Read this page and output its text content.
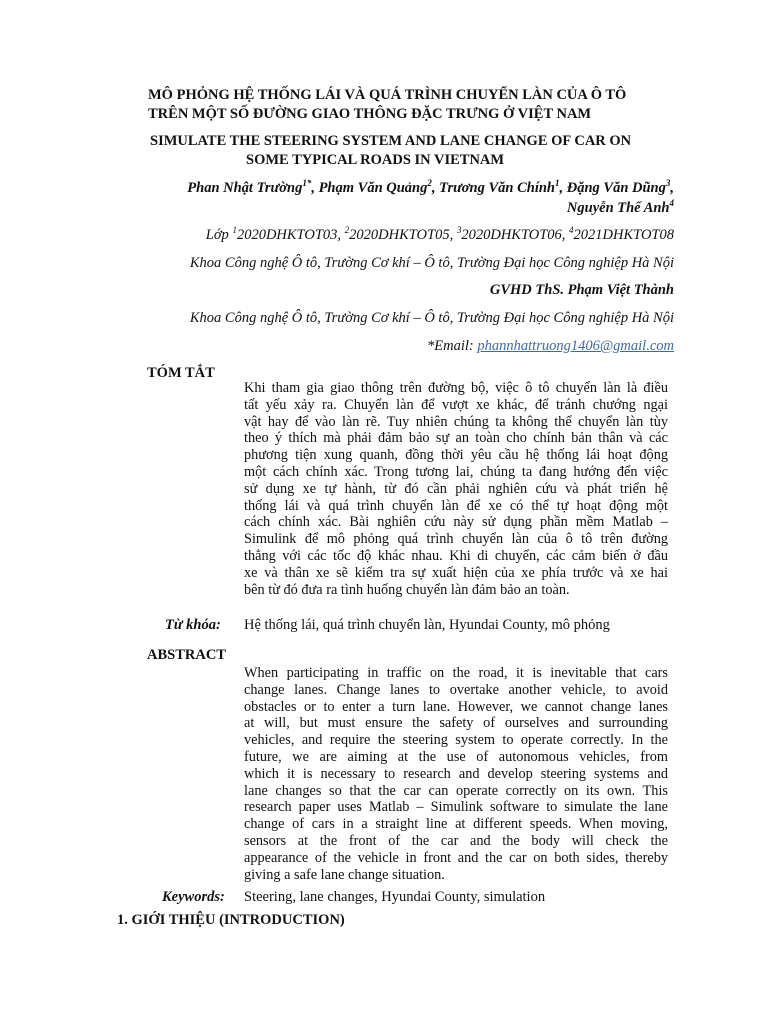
MÔ PHỎNG HỆ THỐNG LÁI VÀ QUÁ TRÌNH CHUYỂN LÀN CỦA Ô TÔ
TRÊN MỘT SỐ ĐƯỜNG GIAO THÔNG ĐẶC TRƯNG Ở VIỆT NAM
SIMULATE THE STEERING SYSTEM AND LANE CHANGE OF CAR ON
SOME TYPICAL ROADS IN VIETNAM
Phan Nhật Trường$^{1*}$, Phạm Văn Quảng$^2$, Trương Văn Chính$^1$, Đặng Văn Dũng$^3$,
Nguyễn Thế Anh$^4$
Lớp $^1$2020DHKTOT03, $^2$2020DHKTOT05, $^3$2020DHKTOT06, $^4$2021DHKTOT08
Khoa Công nghệ Ô tô, Trường Cơ khí – Ô tô, Trường Đại học Công nghiệp Hà Nội
GVHD ThS. Phạm Việt Thành
Khoa Công nghệ Ô tô, Trường Cơ khí – Ô tô, Trường Đại học Công nghiệp Hà Nội
*Email: phannhattruong1406@gmail.com
TÓM TẮT
Khi tham gia giao thông trên đường bộ, việc ô tô chuyển làn là điều
tất yếu xảy ra. Chuyển làn để vượt xe khác, để tránh chướng ngại
vật hay để vào làn rẽ. Tuy nhiên chúng ta không thể chuyển làn tùy
theo ý thích mà phải đảm bảo sự an toàn cho chính bản thân và các
phương tiện xung quanh, đồng thời yêu cầu hệ thống lái hoạt động
một cách chính xác. Trong tương lai, chúng ta đang hướng đến việc
sử dụng xe tự hành, từ đó cần phải nghiên cứu và phát triển hệ
thống lái và quá trình chuyển làn để xe có thể tự hoạt động một
cách chính xác. Bài nghiên cứu này sử dụng phần mềm Matlab –
Simulink để mô phỏng quá trình chuyển làn của ô tô trên đường
thẳng với các tốc độ khác nhau. Khi di chuyển, các cảm biến ở đầu
xe và thân xe sẽ kiểm tra sự xuất hiện của xe phía trước và xe hai
bên từ đó đưa ra tình huống chuyển làn đảm bảo an toàn.
Từ khóa: Hệ thống lái, quá trình chuyển làn, Hyundai County, mô phỏng
ABSTRACT
When participating in traffic on the road, it is inevitable that cars
change lanes. Change lanes to overtake another vehicle, to avoid
obstacles or to enter a turn lane. However, we cannot change lanes
at will, but must ensure the safety of ourselves and surrounding
vehicles, and require the steering system to operate correctly. In the
future, we are aiming at the use of autonomous vehicles, from
which it is necessary to research and develop steering systems and
lane changes so that the car can operate correctly on its own. This
research paper uses Matlab – Simulink software to simulate the lane
change of cars in a straight line at different speeds. When moving,
sensors at the front of the car and the body will check the
appearance of the vehicle in front and the car on both sides, thereby
giving a safe lane change situation.
Keywords: Steering, lane changes, Hyundai County, simulation
1. GIỚI THIỆU (INTRODUCTION)
